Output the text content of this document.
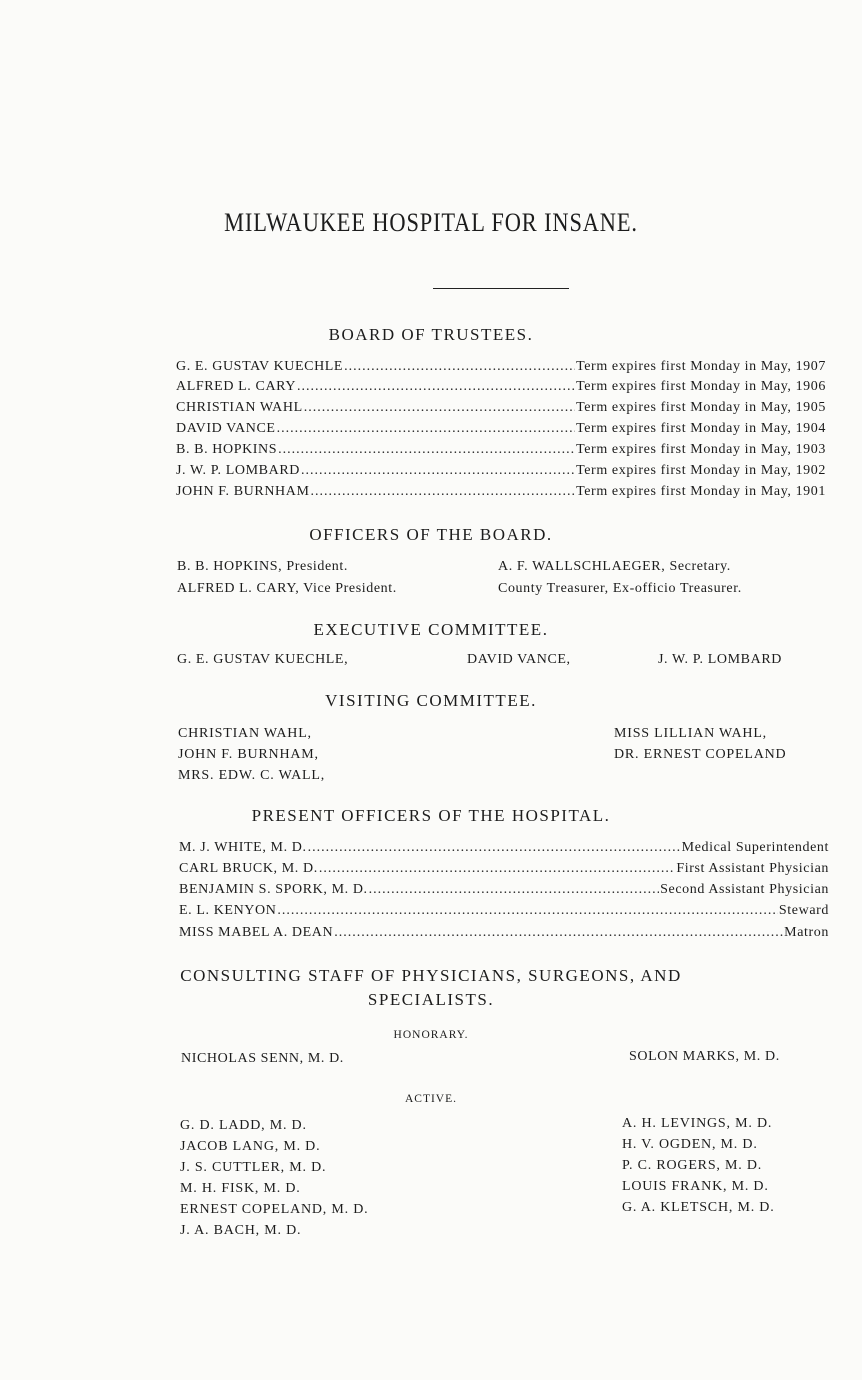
MILWAUKEE HOSPITAL FOR INSANE.
BOARD OF TRUSTEES.
G. E. GUSTAV KUECHLE .....	Term expires first Monday in May, 1907
ALFRED L. CARY .....	Term expires first Monday in May, 1906
CHRISTIAN WAHL .....	Term expires first Monday in May, 1905
DAVID VANCE .....	Term expires first Monday in May, 1904
B. B. HOPKINS .....	Term expires first Monday in May, 1903
J. W. P. LOMBARD .....	Term expires first Monday in May, 1902
JOHN F. BURNHAM .....	Term expires first Monday in May, 1901
OFFICERS OF THE BOARD.
B. B. HOPKINS, President.
ALFRED L. CARY, Vice President.
A. F. WALLSCHLAEGER, Secretary.
County Treasurer, Ex-officio Treasurer.
EXECUTIVE COMMITTEE.
G. E. GUSTAV KUECHLE,	DAVID VANCE,	J. W. P. LOMBARD
VISITING COMMITTEE.
CHRISTIAN WAHL,
JOHN F. BURNHAM,
MRS. EDW. C. WALL,
MISS LILLIAN WAHL,
DR. ERNEST COPELAND
PRESENT OFFICERS OF THE HOSPITAL.
M. J. WHITE, M. D. .....	Medical Superintendent
CARL BRUCK, M. D. .....	First Assistant Physician
BENJAMIN S. SPORK, M. D. .....	Second Assistant Physician
E. L. KENYON .....	Steward
MISS MABEL A. DEAN .....	Matron
CONSULTING STAFF OF PHYSICIANS, SURGEONS, AND
SPECIALISTS.
HONORARY.
NICHOLAS SENN, M. D.	SOLON MARKS, M. D.
ACTIVE.
G. D. LADD, M. D.
JACOB LANG, M. D.
J. S. CUTTLER, M. D.
M. H. FISK, M. D.
ERNEST COPELAND, M. D.
J. A. BACH, M. D.
A. H. LEVINGS, M. D.
H. V. OGDEN, M. D.
P. C. ROGERS, M. D.
LOUIS FRANK, M. D.
G. A. KLETSCH, M. D.
